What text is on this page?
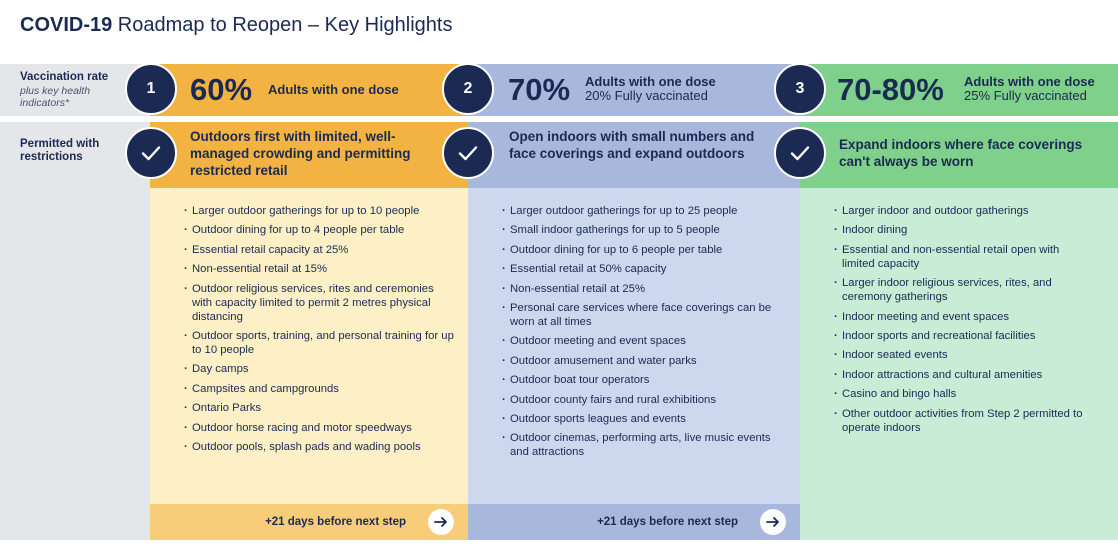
COVID-19 Roadmap to Reopen – Key Highlights
Vaccination rate
plus key health indicators*
Permitted with restrictions
60% Adults with one dose
Outdoors first with limited, well-managed crowding and permitting restricted retail
· Larger outdoor gatherings for up to 10 people
· Outdoor dining for up to 4 people per table
· Essential retail capacity at 25%
· Non-essential retail at 15%
· Outdoor religious services, rites and ceremonies with capacity limited to permit 2 metres physical distancing
· Outdoor sports, training, and personal training for up to 10 people
· Day camps
· Campsites and campgrounds
· Ontario Parks
· Outdoor horse racing and motor speedways
· Outdoor pools, splash pads and wading pools
+21 days before next step
70% Adults with one dose
20% Fully vaccinated
Open indoors with small numbers and face coverings and expand outdoors
· Larger outdoor gatherings for up to 25 people
· Small indoor gatherings for up to 5 people
· Outdoor dining for up to 6 people per table
· Essential retail at 50% capacity
· Non-essential retail at 25%
· Personal care services where face coverings can be worn at all times
· Outdoor meeting and event spaces
· Outdoor amusement and water parks
· Outdoor boat tour operators
· Outdoor county fairs and rural exhibitions
· Outdoor sports leagues and events
· Outdoor cinemas, performing arts, live music events and attractions
+21 days before next step
70-80% Adults with one dose
25% Fully vaccinated
Expand indoors where face coverings can't always be worn
· Larger indoor and outdoor gatherings
· Indoor dining
· Essential and non-essential retail open with limited capacity
· Larger indoor religious services, rites, and ceremony gatherings
· Indoor meeting and event spaces
· Indoor sports and recreational facilities
· Indoor seated events
· Indoor attractions and cultural amenities
· Casino and bingo halls
· Other outdoor activities from Step 2 permitted to operate indoors
1	2	3
